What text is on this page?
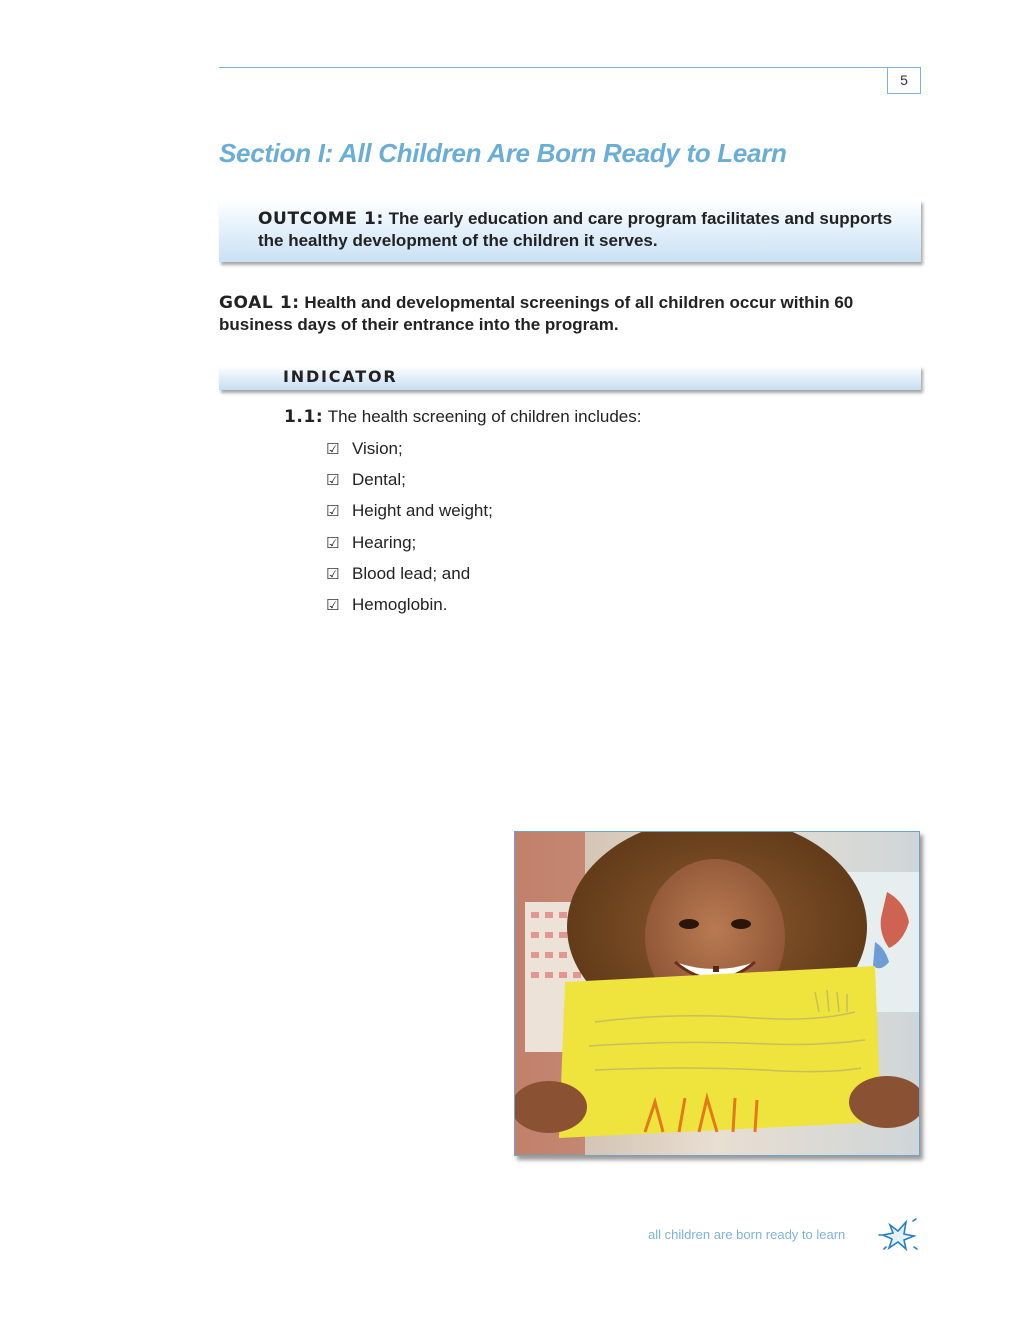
5
Section I: All Children Are Born Ready to Learn
OUTCOME 1: The early education and care program facilitates and supports the healthy development of the children it serves.
GOAL 1: Health and developmental screenings of all children occur within 60 business days of their entrance into the program.
INDICATOR
1.1: The health screening of children includes:
☑ Vision;
☑ Dental;
☑ Height and weight;
☑ Hearing;
☑ Blood lead; and
☑ Hemoglobin.
all children are born ready to learn
